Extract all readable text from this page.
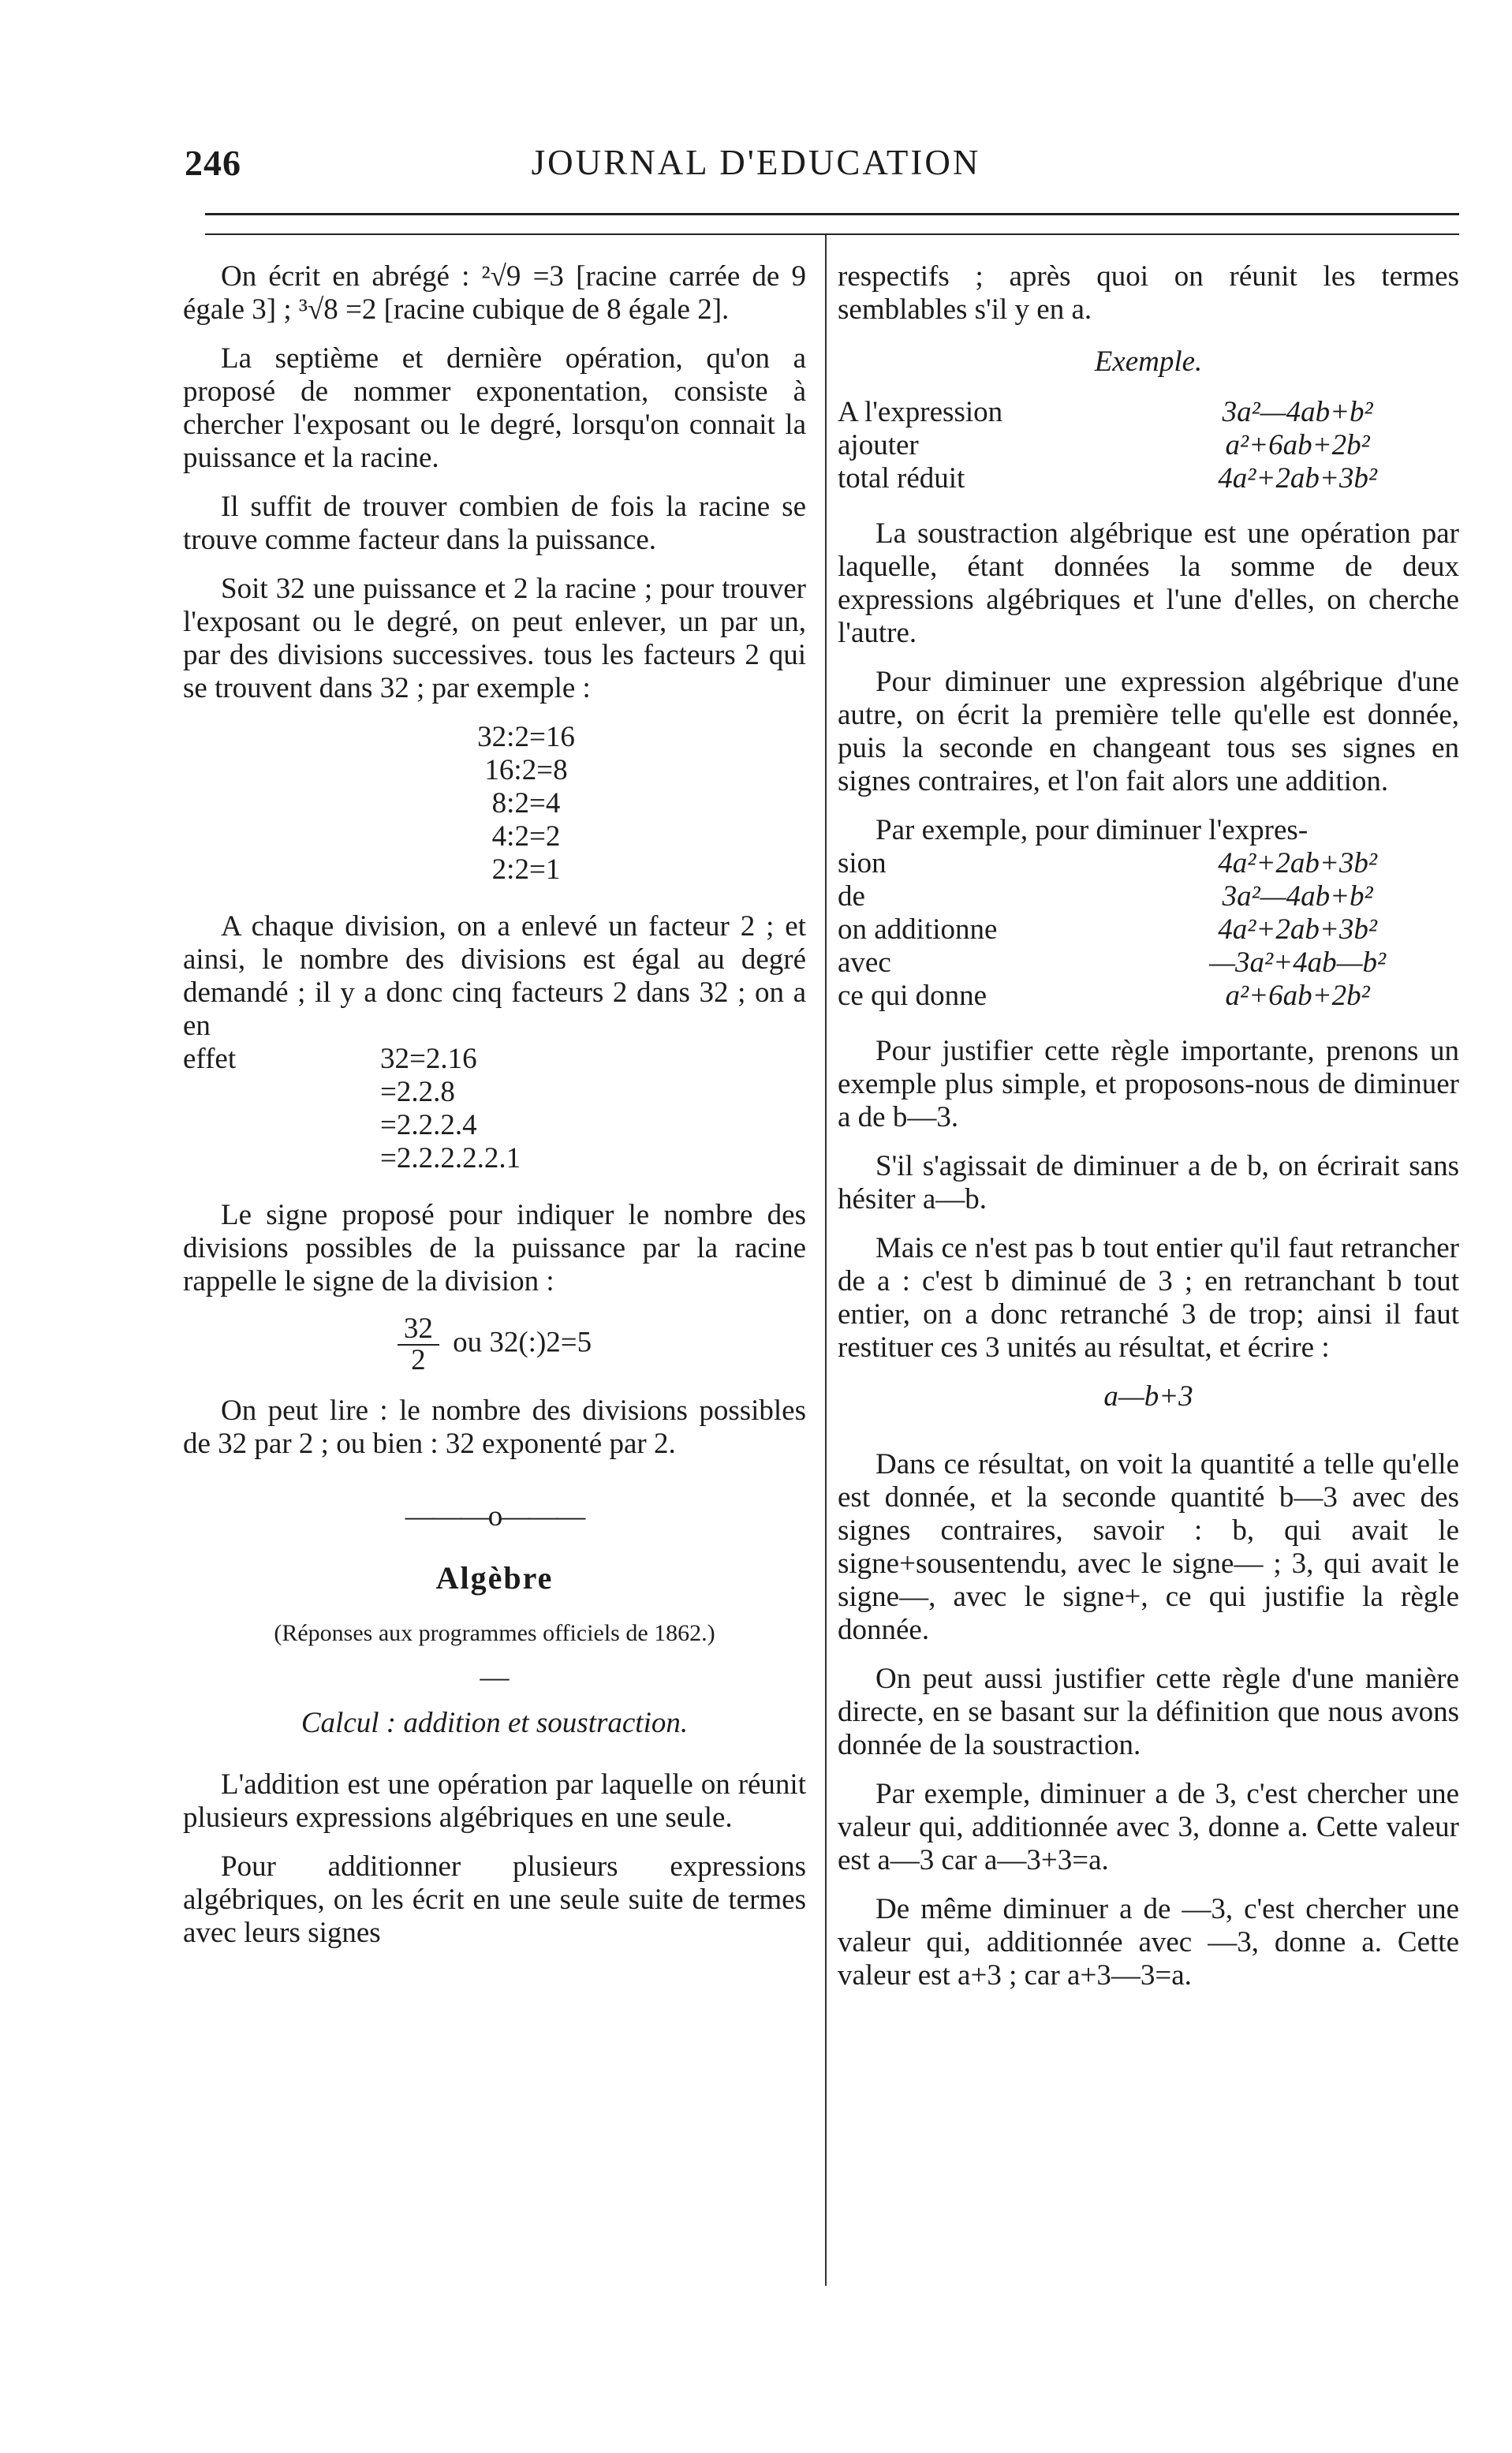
246	JOURNAL D'EDUCATION

On écrit en abrégé : ²√9 =3 [racine carrée de 9 égale 3] ; ³√8 =2 [racine cubique de 8 égale 2].

La septième et dernière opération, qu'on a proposé de nommer exponentation, consiste à chercher l'exposant ou le degré, lorsqu'on connait la puissance et la racine.

Il suffit de trouver combien de fois la racine se trouve comme facteur dans la puissance.

Soit 32 une puissance et 2 la racine ; pour trouver l'exposant ou le degré, on peut enlever, un par un, par des divisions successives. tous les facteurs 2 qui se trouvent dans 32 ; par exemple :

32:2=16
16:2=8
8:2=4
4:2=2
2:2=1

A chaque division, on a enlevé un facteur 2 ; et ainsi, le nombre des divisions est égal au degré demandé ; il y a donc cinq facteurs 2 dans 32 ; on a en

effet	32=2.16
=2.2.8
=2.2.2.4
=2.2.2.2.2.1

Le signe proposé pour indiquer le nombre des divisions possibles de la puissance par la racine rappelle le signe de la division :

$\frac{32}{2}$ ou 32(:)2=5

On peut lire : le nombre des divisions possibles de 32 par 2 ; ou bien : 32 exponenté par 2.

———o———
Algèbre
(Réponses aux programmes officiels de 1862.)
—
Calcul : addition et soustraction.

L'addition est une opération par laquelle on réunit plusieurs expressions algébriques en une seule.

Pour additionner plusieurs expressions algébriques, on les écrit en une seule suite de termes avec leurs signes

respectifs ; après quoi on réunit les termes semblables s'il y en a.

Exemple.
A l'expression	3a²—4ab+b²
ajouter	a²+6ab+2b²
total réduit	4a²+2ab+3b²

La soustraction algébrique est une opération par laquelle, étant données la somme de deux expressions algébriques et l'une d'elles, on cherche l'autre.

Pour diminuer une expression algébrique d'une autre, on écrit la première telle qu'elle est donnée, puis la seconde en changeant tous ses signes en signes contraires, et l'on fait alors une addition.

Par exemple, pour diminuer l'expres-

sion	4a²+2ab+3b²
de	3a²—4ab+b²
on additionne	4a²+2ab+3b²
avec	—3a²+4ab—b²
ce qui donne	a²+6ab+2b²

Pour justifier cette règle importante, prenons un exemple plus simple, et proposons-nous de diminuer a de b—3.

S'il s'agissait de diminuer a de b, on écrirait sans hésiter a—b.

Mais ce n'est pas b tout entier qu'il faut retrancher de a : c'est b diminué de 3 ; en retranchant b tout entier, on a donc retranché 3 de trop; ainsi il faut restituer ces 3 unités au résultat, et écrire :

a—b+3

Dans ce résultat, on voit la quantité a telle qu'elle est donnée, et la seconde quantité b—3 avec des signes contraires, savoir : b, qui avait le signe+sousentendu, avec le signe— ; 3, qui avait le signe—, avec le signe+, ce qui justifie la règle donnée.

On peut aussi justifier cette règle d'une manière directe, en se basant sur la définition que nous avons donnée de la soustraction.

Par exemple, diminuer a de 3, c'est chercher une valeur qui, additionnée avec 3, donne a. Cette valeur est a—3 car a—3+3=a.

De même diminuer a de —3, c'est chercher une valeur qui, additionnée avec —3, donne a. Cette valeur est a+3 ; car a+3—3=a.
